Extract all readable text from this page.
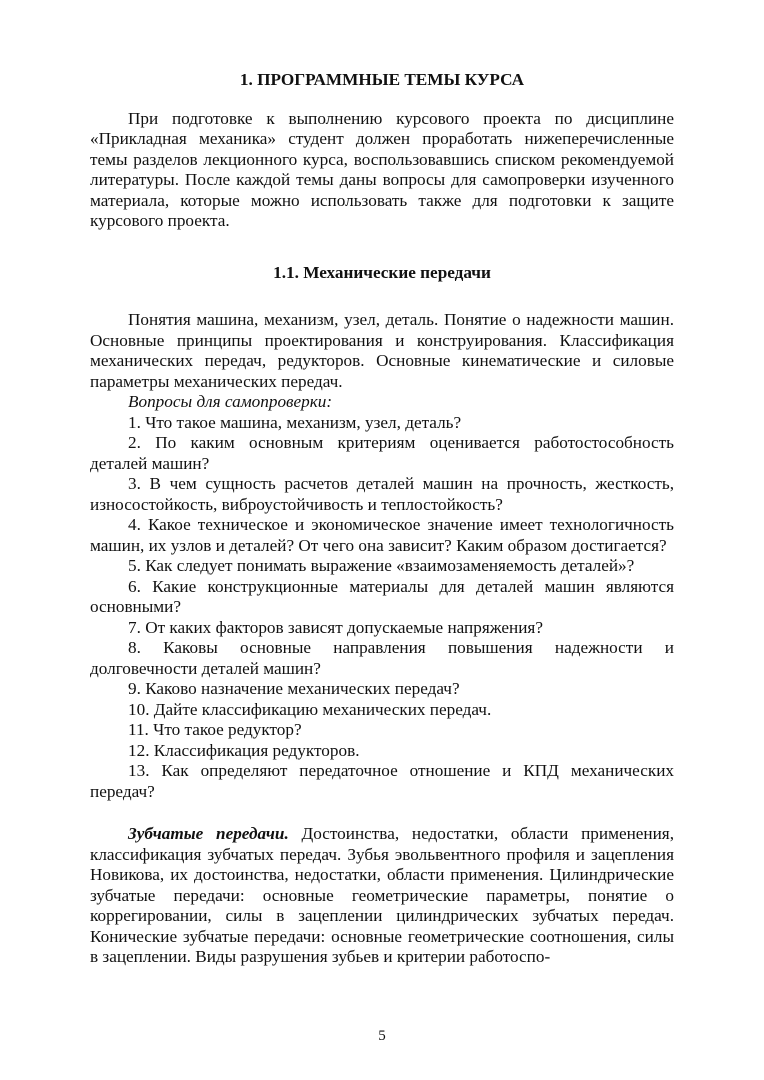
1. ПРОГРАММНЫЕ ТЕМЫ КУРСА

При подготовке к выполнению курсового проекта по дисциплине «Прикладная механика» студент должен проработать нижеперечисленные темы разделов лекционного курса, воспользовавшись списком рекомендуемой литературы. После каждой темы даны вопросы для самопроверки изученного материала, которые можно использовать также для подготовки к защите курсового проекта.

1.1. Механические передачи

Понятия машина, механизм, узел, деталь. Понятие о надежности машин. Основные принципы проектирования и конструирования. Классификация механических передач, редукторов. Основные кинематические и силовые параметры механических передач.

Вопросы для самопроверки:

1. Что такое машина, механизм, узел, деталь?
2. По каким основным критериям оценивается работостособность деталей машин?
3. В чем сущность расчетов деталей машин на прочность, жесткость, износостойкость, виброустойчивость и теплостойкость?
4. Какое техническое и экономическое значение имеет технологичность машин, их узлов и деталей? От чего она зависит? Каким образом достигается?
5. Как следует понимать выражение «взаимозаменяемость деталей»?
6. Какие конструкционные материалы для деталей машин являются основными?
7. От каких факторов зависят допускаемые напряжения?
8. Каковы основные направления повышения надежности и долговечности деталей машин?
9. Каково назначение механических передач?
10. Дайте классификацию механических передач.
11. Что такое редуктор?
12. Классификация редукторов.
13. Как определяют передаточное отношение и КПД механических передач?

Зубчатые передачи. Достоинства, недостатки, области применения, классификация зубчатых передач. Зубья эвольвентного профиля и зацепления Новикова, их достоинства, недостатки, области применения. Цилиндрические зубчатые передачи: основные геометрические параметры, понятие о коррегировании, силы в зацеплении цилиндрических зубчатых передач. Конические зубчатые передачи: основные геометрические соотношения, силы в зацеплении. Виды разрушения зубьев и критерии работоспо-

5
